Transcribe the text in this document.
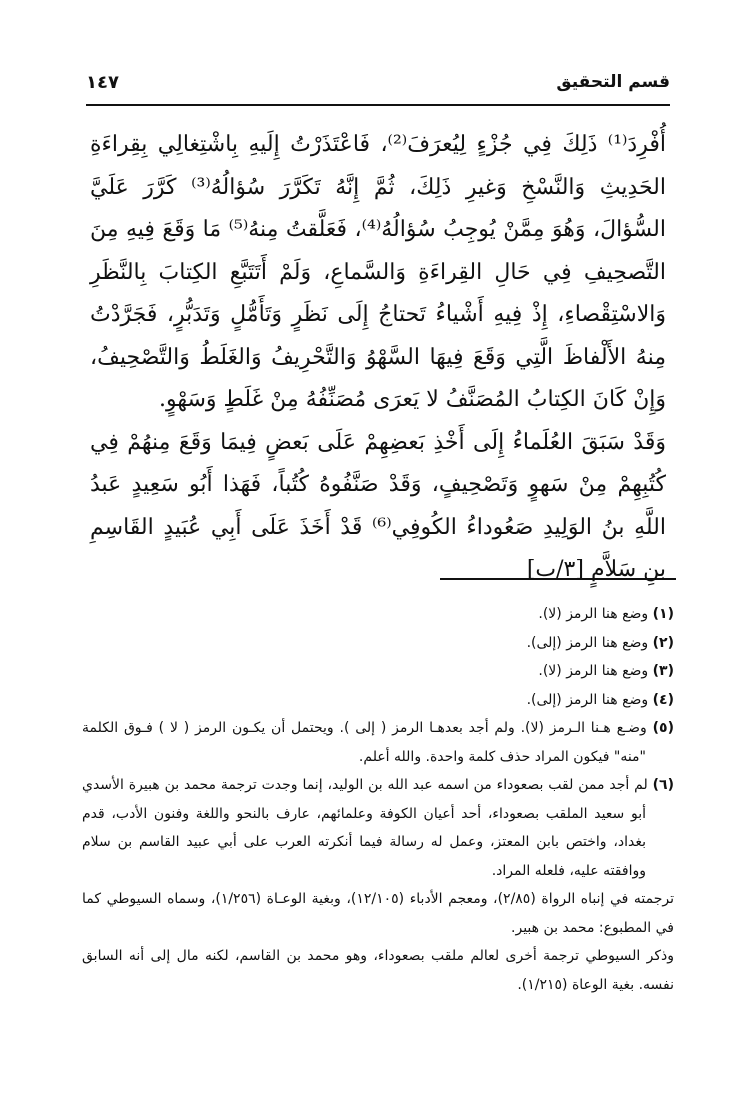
قسم التحقيق
١٤٧

أُفْرِدَ⁽¹⁾ ذَلِكَ فِي جُزْءٍ لِيُعرَفَ⁽²⁾، فَاعْتَذَرْتُ إِلَيهِ بِاشْتِغالِي بِقِراءَةِ الحَدِيثِ وَالنَّسْخِ وَغيرِ ذَلِكَ، ثُمَّ إِنَّهُ تَكَرَّرَ سُؤالُهُ⁽³⁾ كَرَّرَ عَلَيَّ السُّؤالَ، وَهُوَ مِمَّنْ يُوجِبُ سُؤالُهُ⁽⁴⁾، فَعَلَّقتُ مِنهُ⁽⁵⁾ مَا وَقَعَ فِيهِ مِنَ التَّصحِيفِ فِي حَالِ القِراءَةِ وَالسَّماعِ، وَلَمْ أَتَتَبَّعِ الكِتابَ بِالنَّظَرِ وَالاسْتِقْصاءِ، إِذْ فِيهِ أَشْياءُ تَحتاجُ إِلَى نَظَرٍ وَتَأَمُّلٍ وَتَدَبُّرٍ، فَجَرَّدْتُ مِنهُ الأَلْفاظَ الَّتِي وَقَعَ فِيهَا السَّهْوُ وَالتَّحْرِيفُ وَالغَلَطُ وَالتَّصْحِيفُ، وَإِنْ كَانَ الكِتابُ المُصَنَّفُ لا يَعرَى مُصَنِّفُهُ مِنْ غَلَطٍ وَسَهْوٍ.

وَقَدْ سَبَقَ العُلَماءُ إِلَى أَخْذِ بَعضِهِمْ عَلَى بَعضٍ فِيمَا وَقَعَ مِنهُمْ فِي كُتُبِهِمْ مِنْ سَهوٍ وَتَصْحِيفٍ، وَقَدْ صَنَّفُوهُ كُتُباً، فَهَذا أَبُو سَعِيدٍ عَبدُ اللَّهِ بنُ الوَلِيدِ صَعُوداءُ الكُوفِي⁽⁶⁾ قَدْ أَخَذَ عَلَى أَبِي عُبَيدٍ القَاسِمِ بنِ سَلاَّمٍ [٣/ب]

(١) وضع هنا الرمز (لا).

(٢) وضع هنا الرمز (إلى).

(٣) وضع هنا الرمز (لا).

(٤) وضع هنا الرمز (إلى).

(٥) وضـع هـنا الـرمز (لا). ولم أجد بعدهـا الرمز ( إلى ). ويحتمل أن يكـون الرمز ( لا ) فـوق الكلمة "منه" فيكون المراد حذف كلمة واحدة. والله أعلم.

(٦) لم أجد ممن لقب بصعوداء من اسمه عبد الله بن الوليد، إنما وجدت ترجمة محمد بن هبيرة الأسدي أبو سعيد الملقب بصعوداء، أحد أعيان الكوفة وعلمائهم، عارف بالنحو واللغة وفنون الأدب، قدم بغداد، واختص بابن المعتز، وعمل له رسالة فيما أنكرته العرب على أبي عبيد القاسم بن سلام ووافقته عليه، فلعله المراد.

ترجمته في إنباه الرواة (٢/٨٥)، ومعجم الأدباء (١٢/١٠٥)، وبغية الوعـاة (١/٢٥٦)، وسماه السيوطي كما في المطبوع: محمد بن هبير.

وذكر السيوطي ترجمة أخرى لعالم ملقب بصعوداء، وهو محمد بن القاسم، لكنه مال إلى أنه السابق نفسه. بغية الوعاة (١/٢١٥).
